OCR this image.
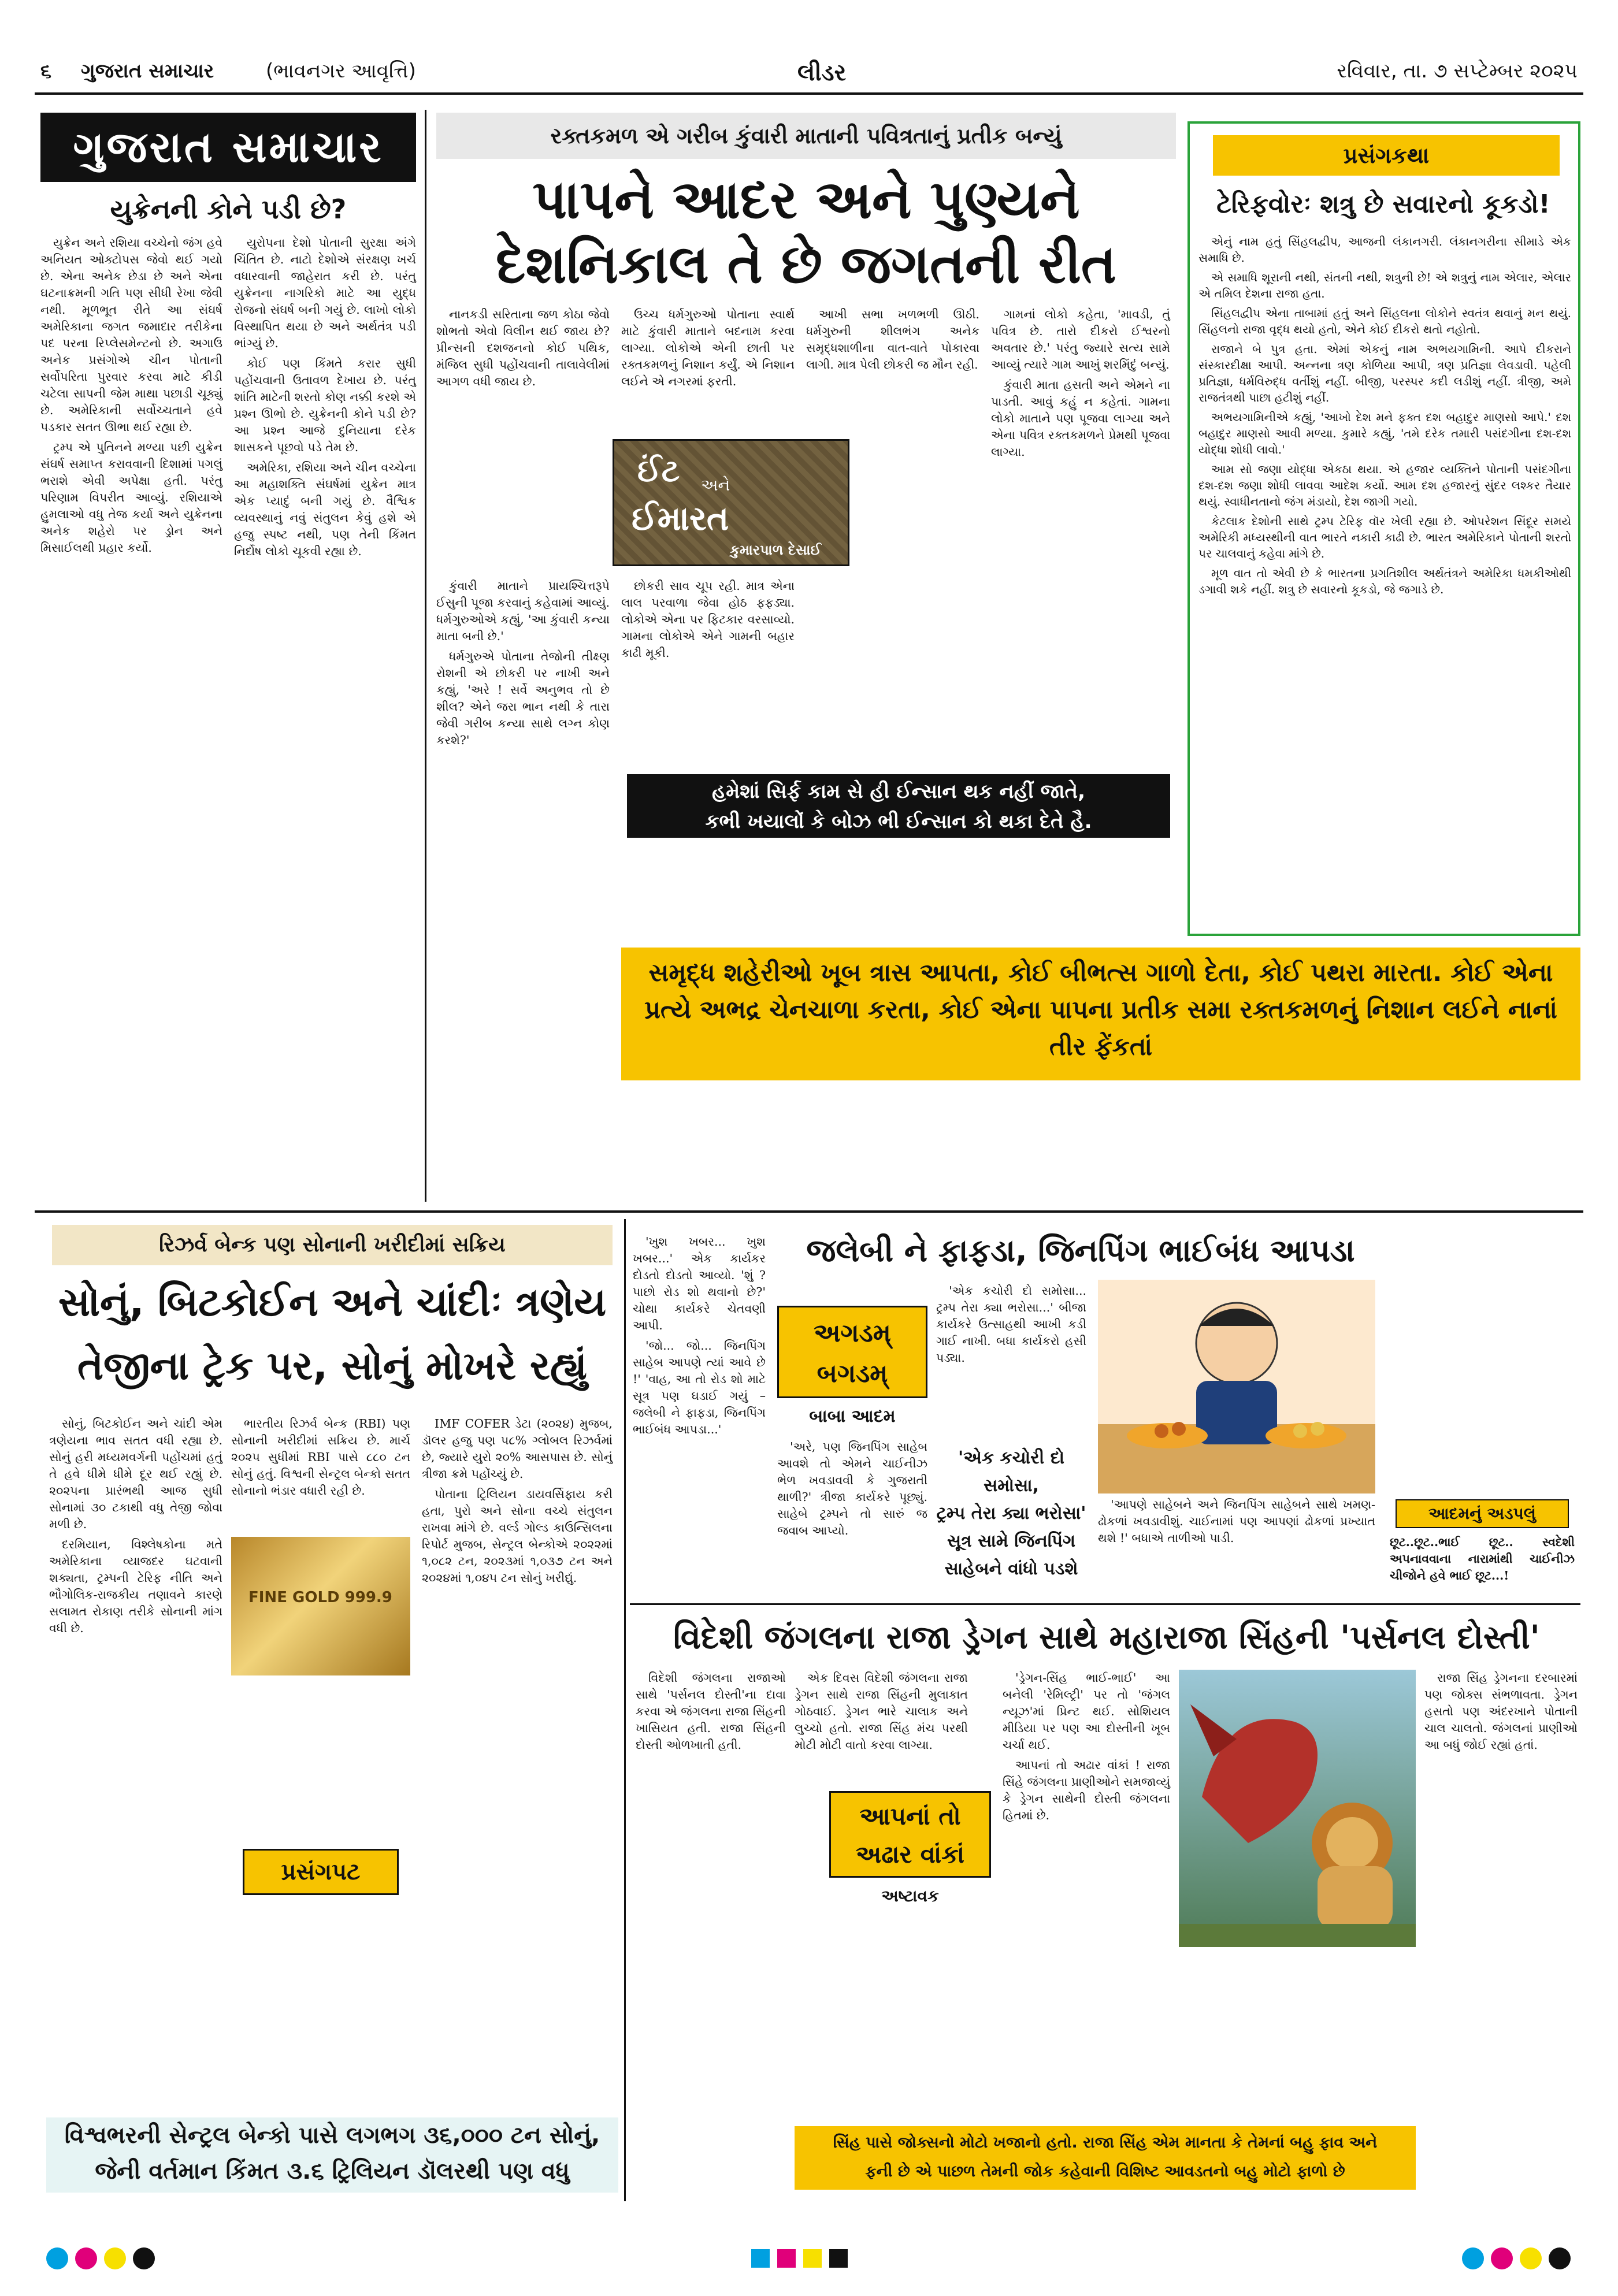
૬ ગુજરાત સમાચાર	(ભાવનગર આવૃત્તિ)	લીડર	રવિવાર, તા. ૭ સપ્ટેમ્બર ૨૦૨૫
ગુજરાત સમાચાર
યુક્રેનની કોને પડી છે?

યુક્રેન અને રશિયા વચ્ચેનો જંગ હવે અનિયત ઓક્ટોપસ જેવો થઈ ગયો છે. એના અનેક છેડા છે અને એના ઘટનાક્રમની ગતિ પણ સીધી રેખા જેવી નથી. મૂળભૂત રીતે આ સંઘર્ષ અમેરિકાના જગત જમાદાર તરીકેના પદ પરના રિપ્લેસમેન્ટનો છે. અગાઉ અનેક પ્રસંગોએ ચીન પોતાની સર્વોપરિતા પુરવાર કરવા માટે કીડી ચટેલા સાપની જેમ માથા પછાડી ચૂક્યું છે. અમેરિકાની સર્વોચ્ચતાને હવે પડકાર સતત ઊભા થઈ રહ્યા છે.

ટ્રમ્પ એ પુતિનને મળ્યા પછી યુક્રેન સંઘર્ષ સમાપ્ત કરાવવાની દિશામાં પગલું ભરાશે એવી અપેક્ષા હતી. પરંતુ પરિણામ વિપરીત આવ્યું. રશિયાએ હુમલાઓ વધુ તેજ કર્યા અને યુક્રેનના અનેક શહેરો પર ડ્રોન અને મિસાઈલથી પ્રહાર કર્યો.

યુરોપના દેશો પોતાની સુરક્ષા અંગે ચિંતિત છે. નાટો દેશોએ સંરક્ષણ ખર્ચ વધારવાની જાહેરાત કરી છે. પરંતુ યુક્રેનના નાગરિકો માટે આ યુદ્ધ રોજનો સંઘર્ષ બની ગયું છે. લાખો લોકો વિસ્થાપિત થયા છે અને અર્થતંત્ર પડી ભાંગ્યું છે.

કોઈ પણ કિંમતે કરાર સુધી પહોંચવાની ઉતાવળ દેખાય છે. પરંતુ શાંતિ માટેની શરતો કોણ નક્કી કરશે એ પ્રશ્ન ઊભો છે. યુક્રેનની કોને પડી છે? આ પ્રશ્ન આજે દુનિયાના દરેક શાસકને પૂછવો પડે તેમ છે.

અમેરિકા, રશિયા અને ચીન વચ્ચેના આ મહાશક્તિ સંઘર્ષમાં યુક્રેન માત્ર એક પ્યાદું બની ગયું છે. વૈશ્વિક વ્યવસ્થાનું નવું સંતુલન કેવું હશે એ હજુ સ્પષ્ટ નથી, પણ તેની કિંમત નિર્દોષ લોકો ચૂકવી રહ્યા છે.

રક્તકમળ એ ગરીબ કુંવારી માતાની પવિત્રતાનું પ્રતીક બન્યું
પાપને આદર અને પુણ્યને
દેશનિકાલ તે છે જગતની રીત

નાનકડી સરિતાના જળ કોઠા જેવો શોભતો એવો વિલીન થઈ જાય છે? પ્રીન્સની દશજનનો કોઈ પથિક, મંજિલ સુધી પહોંચવાની તાલાવેલીમાં આગળ વધી જાય છે.

ઉચ્ચ ધર્મગુરુઓ પોતાના સ્વાર્થ માટે કુંવારી માતાને બદનામ કરવા લાગ્યા. લોકોએ એની છાતી પર રક્તકમળનું નિશાન કર્યું. એ નિશાન લઈને એ નગરમાં ફરતી.

ઈંટ અને
ઈમારત
કુમારપાળ દેસાઈ

કુંવારી માતાને પ્રાયશ્ચિત્તરૂપે ઈસુની પૂજા કરવાનું કહેવામાં આવ્યું. ધર્મગુરુઓએ કહ્યું, 'આ કુંવારી કન્યા માતા બની છે.'

ધર્મગુરુએ પોતાના તેજોની તીક્ષ્ણ રોશની એ છોકરી પર નાખી અને કહ્યું, 'અરે ! સર્વે અનુભવ તો છે શીલ? એને જરા ભાન નથી કે તારા જેવી ગરીબ કન્યા સાથે લગ્ન કોણ કરશે?'

છોકરી સાવ ચૂપ રહી. માત્ર એના લાલ પરવાળા જેવા હોઠ ફફડ્યા. લોકોએ એના પર ફિટકાર વરસાવ્યો. ગામના લોકોએ એને ગામની બહાર કાઢી મૂકી.

આખી સભા ખળભળી ઊઠી. ધર્મગુરુની શીલભંગ અનેક સમૃદ્ધશાળીના વાત-વાતે પોકારવા લાગી. માત્ર પેલી છોકરી જ મૌન રહી.

ગામનાં લોકો કહેતા, 'માવડી, તું પવિત્ર છે. તારો દીકરો ઈશ્વરનો અવતાર છે.' પરંતુ જ્યારે સત્ય સામે આવ્યું ત્યારે ગામ આખું શરમિંદું બન્યું.

કુંવારી માતા હસતી અને એમને ના પાડતી. આવું કહું ન કહેતાં. ગામના લોકો માતાને પણ પૂજવા લાગ્યા અને એના પવિત્ર રક્તકમળને પ્રેમથી પૂજવા લાગ્યા.

હમેશાં સિર્ફ કામ સે હી ઈન્સાન થક નહીં જાતે,
કભી ખયાલોં કે બોઝ ભી ઈન્સાન કો થકા દેતે હૈ.
સમૃદ્ધ શહેરીઓ ખૂબ ત્રાસ આપતા, કોઈ બીભત્સ ગાળો દેતા, કોઈ પથરા મારતા. કોઈ એના પ્રત્યે અભદ્ર ચેનચાળા કરતા, કોઈ એના પાપના પ્રતીક સમા રક્તકમળનું નિશાન લઈને નાનાં તીર ફેંકતાં
પ્રસંગકથા
ટેરિફવોરઃ શત્રુ છે સવારનો કૂકડો!

એનું નામ હતું સિંહલદ્વીપ, આજની લંકાનગરી. લંકાનગરીના સીમાડે એક સમાધિ છે.

એ સમાધિ શૂરાની નથી, સંતની નથી, શત્રુની છે! એ શત્રુનું નામ એલાર, એલાર એ તમિલ દેશના રાજા હતા.

સિંહલદ્વીપ એના તાબામાં હતું અને સિંહલના લોકોને સ્વતંત્ર થવાનું મન થયું. સિંહલનો રાજા વૃદ્ધ થયો હતો, એને કોઈ દીકરો થતો નહોતો.

રાજાને બે પુત્ર હતા. એમાં એકનું નામ અભયગામિની. આપે દીકરાને સંસ્કારદીક્ષા આપી. અન્નના ત્રણ કોળિયા આપી, ત્રણ પ્રતિજ્ઞા લેવડાવી. પહેલી પ્રતિજ્ઞા, ધર્મવિરુદ્ધ વર્તીશું નહીં. બીજી, પરસ્પર કદી લડીશું નહીં. ત્રીજી, અમે રાજતંત્રથી પાછા હટીશું નહીં.

અભયગામિનીએ કહ્યું, 'આખો દેશ મને ફક્ત દશ બહાદુર માણસો આપે.' દશ બહાદુર માણસો આવી મળ્યા. કુમારે કહ્યું, 'તમે દરેક તમારી પસંદગીના દશ-દશ યોદ્ધા શોધી લાવો.'

આમ સો જણા યોદ્ધા એકઠા થયા. એ હજાર વ્યક્તિને પોતાની પસંદગીના દશ-દશ જણા શોધી લાવવા આદેશ કર્યો. આમ દશ હજારનું સુંદર લશ્કર તૈયાર થયું. સ્વાધીનતાનો જંગ મંડાયો, દેશ જાગી ગયો.

કેટલાક દેશોની સાથે ટ્રમ્પ ટેરિફ વૉર ખેલી રહ્યા છે. ઓપરેશન સિંદૂર સમયે અમેરિકી મધ્યસ્થીની વાત ભારતે નકારી કાઢી છે. ભારત અમેરિકાને પોતાની શરતો પર ચાલવાનું કહેવા માંગે છે.

મૂળ વાત તો એવી છે કે ભારતના પ્રગતિશીલ અર્થતંત્રને અમેરિકા ધમકીઓથી ડગાવી શકે નહીં. શત્રુ છે સવારનો કૂકડો, જે જગાડે છે.

રિઝર્વ બેન્ક પણ સોનાની ખરીદીમાં સક્રિય
સોનું, બિટકોઈન અને ચાંદીઃ ત્રણેય
તેજીના ટ્રેક પર, સોનું મોખરે રહ્યું

સોનું, બિટકોઈન અને ચાંદી એમ ત્રણેયના ભાવ સતત વધી રહ્યા છે. સોનું હરી મધ્યમવર્ગની પહોંચમાં હતું તે હવે ધીમે ધીમે દૂર થઈ રહ્યું છે. ૨૦૨૫ના પ્રારંભથી આજ સુધી સોનામાં ૩૦ ટકાથી વધુ તેજી જોવા મળી છે.

દરમિયાન, વિશ્લેષકોના મતે અમેરિકાના વ્યાજદર ઘટવાની શક્યતા, ટ્રમ્પની ટેરિફ નીતિ અને ભૌગોલિક-રાજકીય તણાવને કારણે સલામત રોકાણ તરીકે સોનાની માંગ વધી છે.

FINE GOLD 999.9

ભારતીય રિઝર્વ બેન્ક (RBI) પણ સોનાની ખરીદીમાં સક્રિય છે. માર્ચ ૨૦૨૫ સુધીમાં RBI પાસે ૮૮૦ ટન સોનું હતું. વિશ્વની સેન્ટ્રલ બેન્કો સતત સોનાનો ભંડાર વધારી રહી છે.

પ્રસંગપટ

IMF COFER ડેટા (૨૦૨૪) મુજબ, ડૉલર હજુ પણ ૫૮% ગ્લોબલ રિઝર્વમાં છે, જ્યારે યુરો ૨૦% આસપાસ છે. સોનું ત્રીજા ક્રમે પહોંચ્યું છે.

પોતાના ટ્રિલિયન ડાયવર્સિફાય કરી હતા, પુરો અને સોના વચ્ચે સંતુલન રાખવા માંગે છે. વર્લ્ડ ગોલ્ડ કાઉન્સિલના રિપોર્ટ મુજબ, સેન્ટ્રલ બેન્કોએ ૨૦૨૨માં ૧,૦૮૨ ટન, ૨૦૨૩માં ૧,૦૩૭ ટન અને ૨૦૨૪માં ૧,૦૪૫ ટન સોનું ખરીદ્યું.

વિશ્વભરની સેન્ટ્રલ બેન્કો પાસે લગભગ ૩૬,૦૦૦ ટન સોનું,
જેની વર્તમાન કિંમત ૩.૬ ટ્રિલિયન ડૉલરથી પણ વધુ
જલેબી ને ફાફડા, જિનપિંગ ભાઈબંધ આપડા

'ખુશ ખબર... ખુશ ખબર...' એક કાર્યકર દોડતો દોડતો આવ્યો. 'શું ? પાછો રોડ શો થવાનો છે?' ચોથા કાર્યકરે ચેતવણી આપી.

'જો... જો... જિનપિંગ સાહેબ આપણે ત્યાં આવે છે !' 'વાહ, આ તો રોડ શો માટે સૂત્ર પણ ઘડાઈ ગયું – જલેબી ને ફાફડા, જિનપિંગ ભાઈબંધ આપડા...'

અગડમ્
બગડમ્
બાબા આદમ

'એક કચોરી દો સમોસા... ટ્રમ્પ તેરા ક્યા ભરોસા...' બીજા કાર્યકરે ઉત્સાહથી આખી કડી ગાઈ નાખી. બધા કાર્યકરો હસી પડ્યા.

'એક કચોરી દો સમોસા,
ટ્રમ્પ તેરા ક્યા ભરોસા'
સૂત્ર સામે જિનપિંગ
સાહેબને વાંધો પડશે

'અરે, પણ જિનપિંગ સાહેબ આવશે તો એમને ચાઈનીઝ ભેળ ખવડાવવી કે ગુજરાતી થાળી?' ત્રીજા કાર્યકરે પૂછ્યું. સાહેબે ટ્રમ્પને તો સારું જ જવાબ આપ્યો.

'આપણે સાહેબને અને જિનપિંગ સાહેબને સાથે ખમણ-ઢોકળાં ખવડાવીશું. ચાઈનામાં પણ આપણાં ઢોકળાં પ્રખ્યાત થશે !' બધાએ તાળીઓ પાડી.

આદમનું અડપલું
છૂટ..છૂટ..ભાઈ છૂટ.. સ્વદેશી અપનાવવાના નારામાંથી ચાઈનીઝ ચીજોને હવે ભાઈ છૂટ...!
વિદેશી જંગલના રાજા ડ્રેગન સાથે મહારાજા સિંહની 'પર્સનલ દોસ્તી'

વિદેશી જંગલના રાજાઓ સાથે 'પર્સનલ દોસ્તી'ના દાવા કરવા એ જંગલના રાજા સિંહની ખાસિયત હતી. રાજા સિંહની દોસ્તી ઓળખાતી હતી.

એક દિવસ વિદેશી જંગલના રાજા ડ્રેગન સાથે રાજા સિંહની મુલાકાત ગોઠવાઈ. ડ્રેગન ભારે ચાલાક અને લુચ્ચો હતો. રાજા સિંહ મંચ પરથી મોટી મોટી વાતો કરવા લાગ્યા.

આપનાં તો
અઢાર વાંકાં
અષ્ટાવક

'ડ્રેગન-સિંહ ભાઈ-ભાઈ' આ બનેલી 'રેમિલ્ટ્રી' પર તો 'જંગલ ન્યૂઝ'માં પ્રિન્ટ થઈ. સોશિયલ મીડિયા પર પણ આ દોસ્તીની ખૂબ ચર્ચા થઈ.

આપનાં તો અઢાર વાંકાં ! રાજા સિંહે જંગલના પ્રાણીઓને સમજાવ્યું કે ડ્રેગન સાથેની દોસ્તી જંગલના હિતમાં છે.

રાજા સિંહ ડ્રેગનના દરબારમાં પણ જોક્સ સંભળાવતા. ડ્રેગન હસતો પણ અંદરખાને પોતાની ચાલ ચાલતો. જંગલનાં પ્રાણીઓ આ બધું જોઈ રહ્યાં હતાં.

સિંહ પાસે જોક્સનો મોટો ખજાનો હતો. રાજા સિંહ એમ માનતા કે તેમનાં બહુ ફાવ અને
ફની છે એ પાછળ તેમની જોક કહેવાની વિશિષ્ટ આવડતનો બહુ મોટો ફાળો છે
